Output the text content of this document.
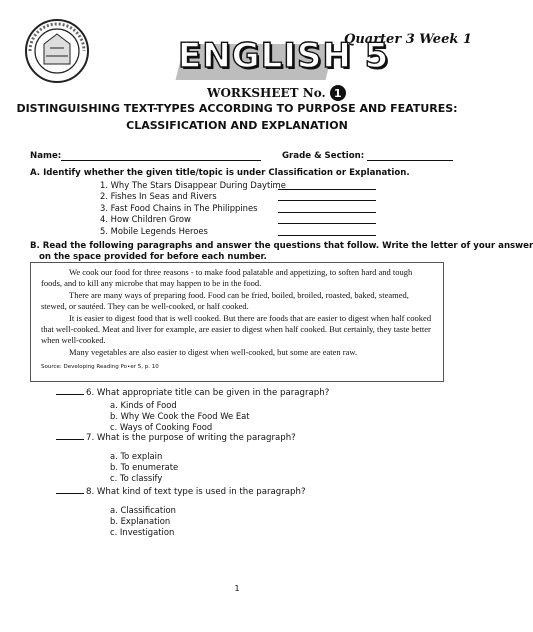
ENGLISH 5
Quarter 3 Week 1
WORKSHEET No. 1
DISTINGUISHING TEXT-TYPES ACCORDING TO PURPOSE AND FEATURES:
CLASSIFICATION AND EXPLANATION
Name:	Grade & Section:
A. Identify whether the given title/topic is under Classification or Explanation.
1. Why The Stars Disappear During Daytime
2. Fishes In Seas and Rivers
3. Fast Food Chains in The Philippines
4. How Children Grow
5. Mobile Legends Heroes
B. Read the following paragraphs and answer the questions that follow. Write the letter of your answer
on the space provided for before each number.

We cook our food for three reasons - to make food palatable and appetizing, to soften hard and tough foods, and to kill any microbe that may happen to be in the food.

There are many ways of preparing food. Food can be fried, boiled, broiled, roasted, baked, steamed, stewed, or sautéed. They can be well-cooked, or half cooked.

It is easier to digest food that is well cooked. But there are foods that are easier to digest when half cooked that well-cooked. Meat and liver for example, are easier to digest when half cooked. But certainly, they taste better when well-cooked.

Many vegetables are also easier to digest when well-cooked, but some are eaten raw.

Source: Developing Reading Po∙er 5, p. 10
6. What appropriate title can be given in the paragraph?
a. Kinds of Food
b. Why We Cook the Food We Eat
c. Ways of Cooking Food
7. What is the purpose of writing the paragraph?
a. To explain
b. To enumerate
c. To classify
8. What kind of text type is used in the paragraph?
a. Classification
b. Explanation
c. Investigation
1
